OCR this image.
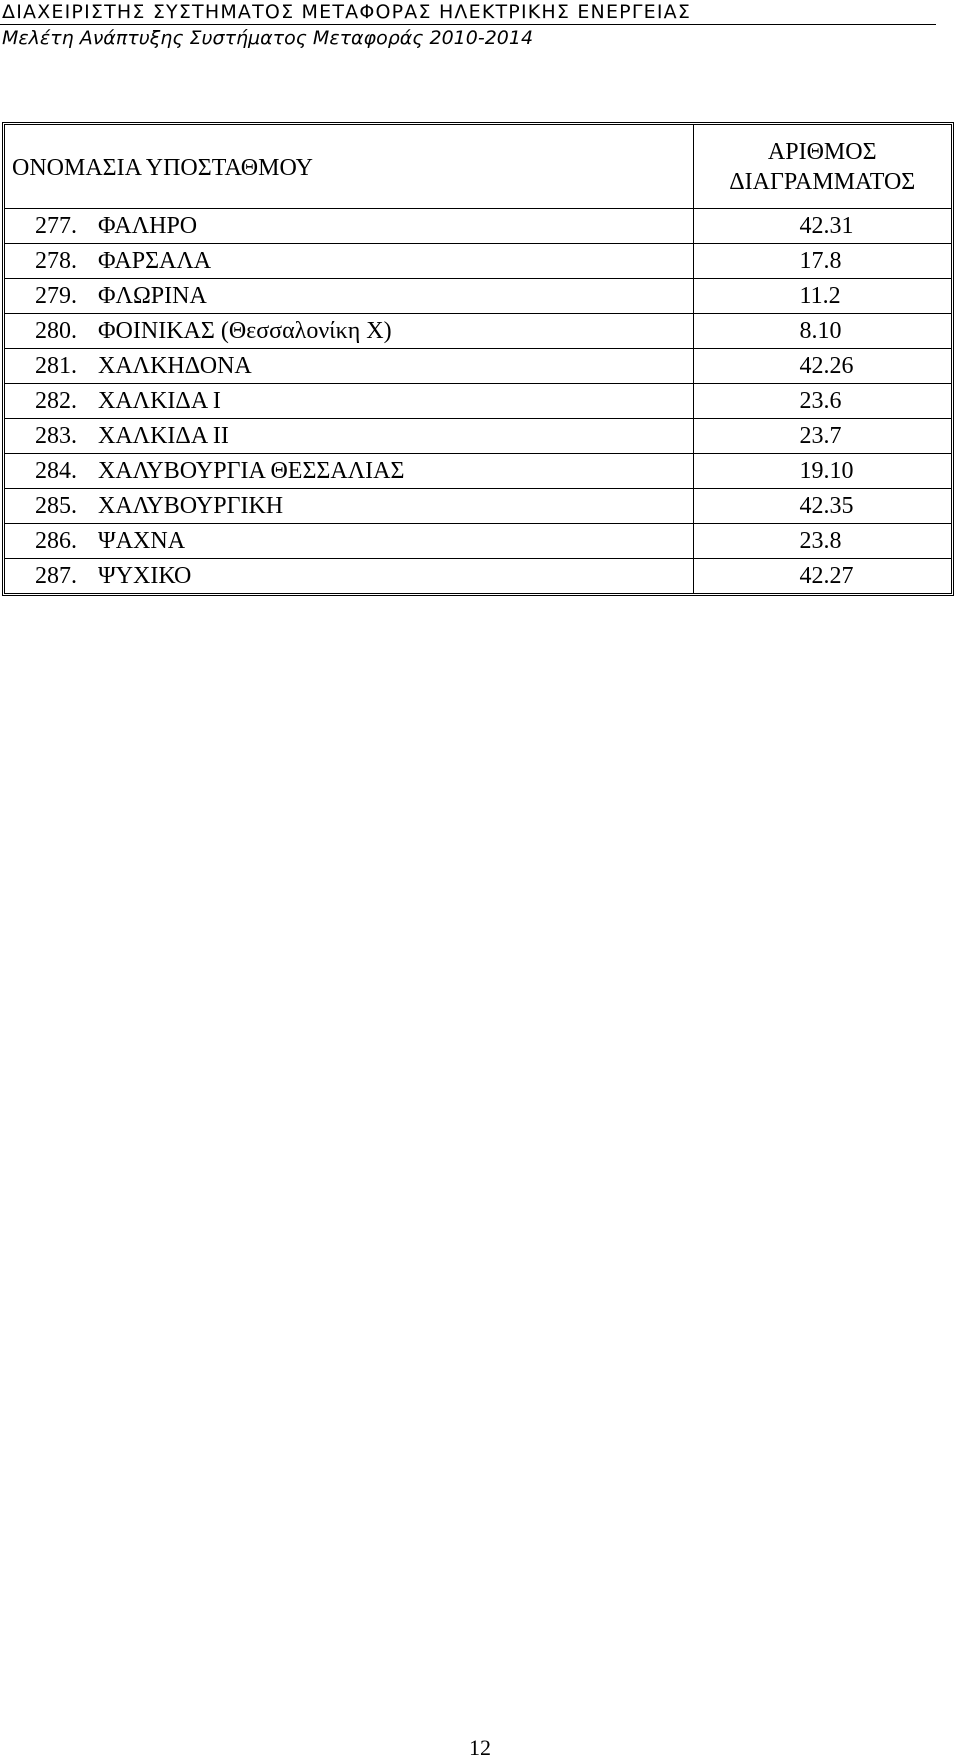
ΔΙΑΧΕΙΡΙΣΤΗΣ ΣΥΣΤΗΜΑΤΟΣ ΜΕΤΑΦΟΡΑΣ ΗΛΕΚΤΡΙΚΗΣ ΕΝΕΡΓΕΙΑΣ
Μελέτη Ανάπτυξης Συστήματος Μεταφοράς 2010-2014
ΟΝΟΜΑΣΙΑ ΥΠΟΣΤΑΘΜΟΥ	ΑΡΙΘΜΟΣ
ΔΙΑΓΡΑΜΜΑΤΟΣ
277. ΦΑΛΗΡΟ	42.31
278. ΦΑΡΣΑΛΑ	17.8
279. ΦΛΩΡΙΝΑ	11.2
280. ΦΟΙΝΙΚΑΣ (Θεσσαλονίκη Χ)	8.10
281. ΧΑΛΚΗΔΟΝΑ	42.26
282. ΧΑΛΚΙΔΑ Ι	23.6
283. ΧΑΛΚΙΔΑ ΙΙ	23.7
284. ΧΑΛΥΒΟΥΡΓΙΑ ΘΕΣΣΑΛΙΑΣ	19.10
285. ΧΑΛΥΒΟΥΡΓΙΚΗ	42.35
286. ΨΑΧΝΑ	23.8
287. ΨΥΧΙΚΟ	42.27
12
